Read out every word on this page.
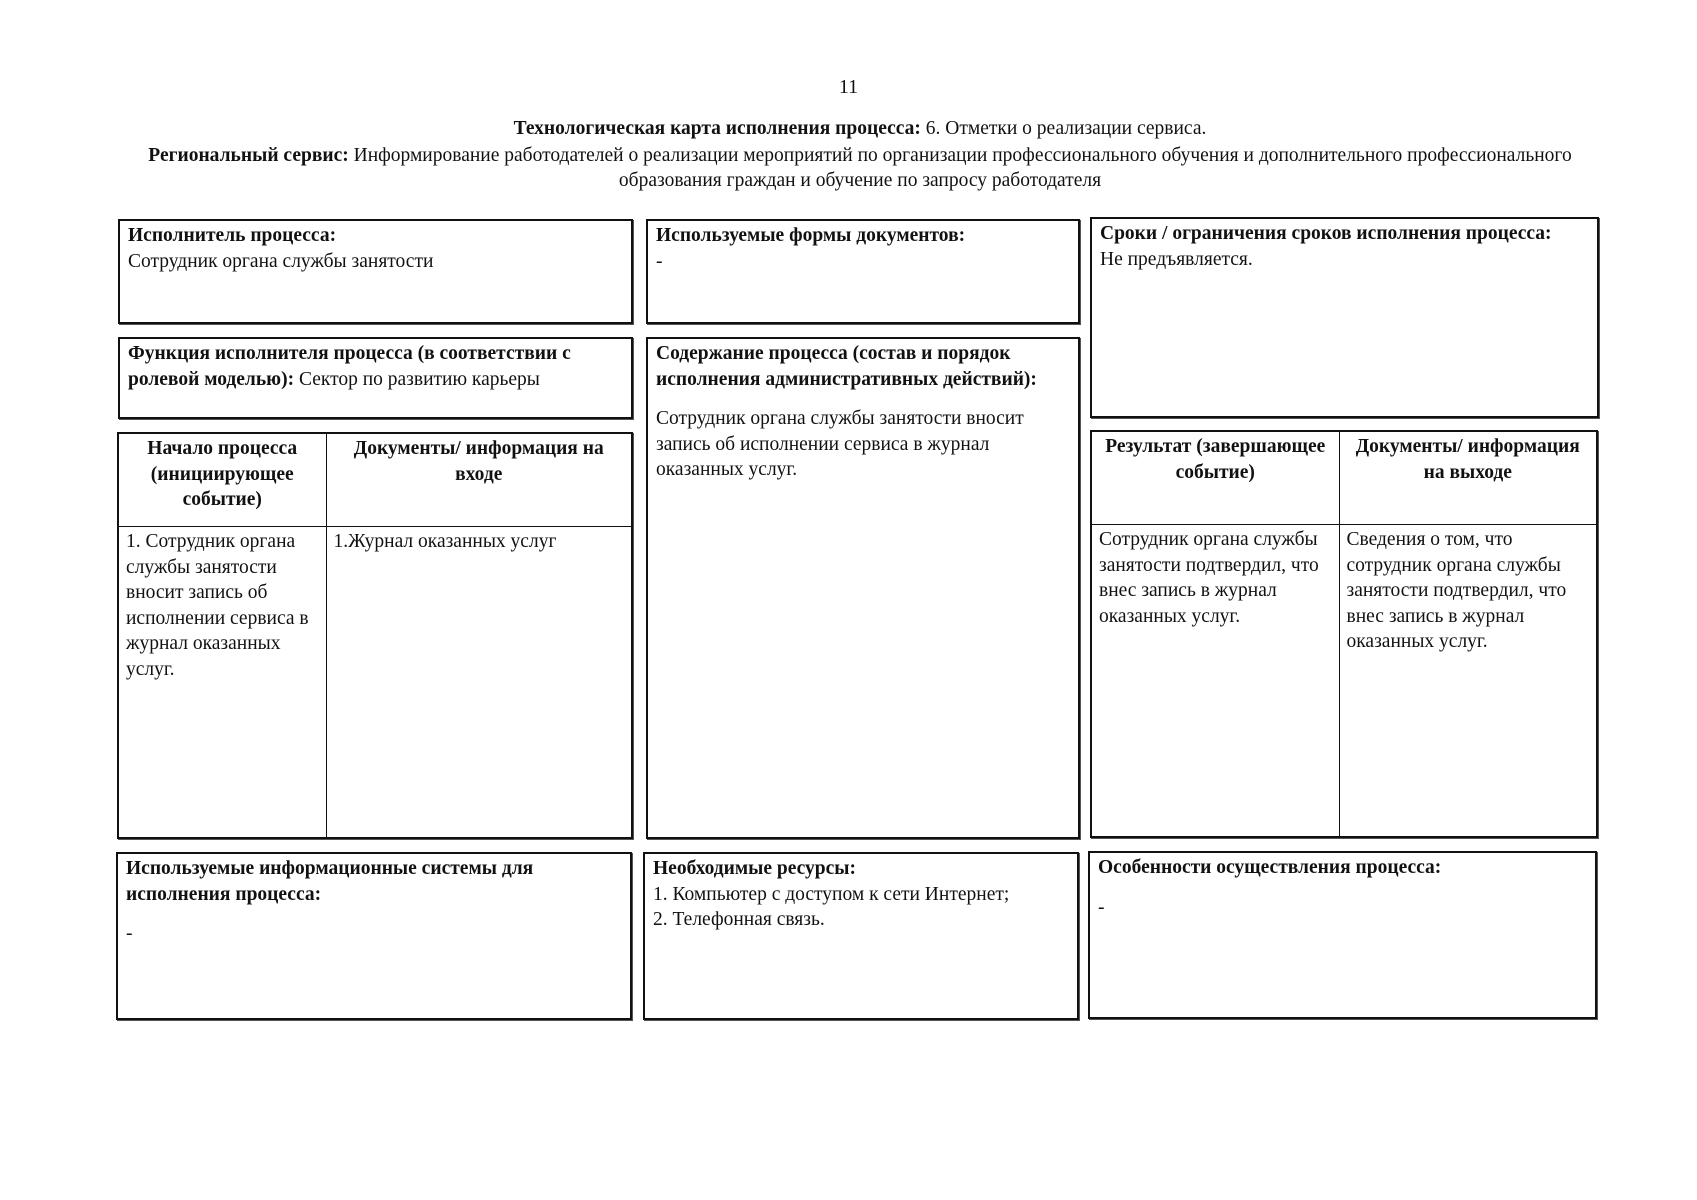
11
Технологическая карта исполнения процесса: 6. Отметки о реализации сервиса.
Региональный сервис: Информирование работодателей о реализации мероприятий по организации профессионального обучения и дополнительного профессионального образования граждан и обучение по запросу работодателя
Исполнитель процесса:
Сотрудник органа службы занятости
Используемые формы документов:
-
Сроки / ограничения сроков исполнения процесса:
Не предъявляется.
Функция исполнителя процесса (в соответствии с ролевой моделью): Сектор по развитию карьеры
Содержание процесса (состав и порядок исполнения административных действий):
Сотрудник органа службы занятости вносит запись об исполнении сервиса в журнал оказанных услуг.
Начало процесса (инициирующее событие)	Документы/ информация на входе
1. Сотрудник органа службы занятости вносит запись об исполнении сервиса в журнал оказанных услуг.	1.Журнал оказанных услуг
Результат (завершающее событие)	Документы/ информация на выходе
Сотрудник органа службы занятости подтвердил, что внес запись в журнал оказанных услуг.	Сведения о том, что сотрудник органа службы занятости подтвердил, что внес запись в журнал оказанных услуг.
Используемые информационные системы для исполнения процесса:
-
Необходимые ресурсы:
1. Компьютер с доступом к сети Интернет;
2. Телефонная связь.
Особенности осуществления процесса:
-
